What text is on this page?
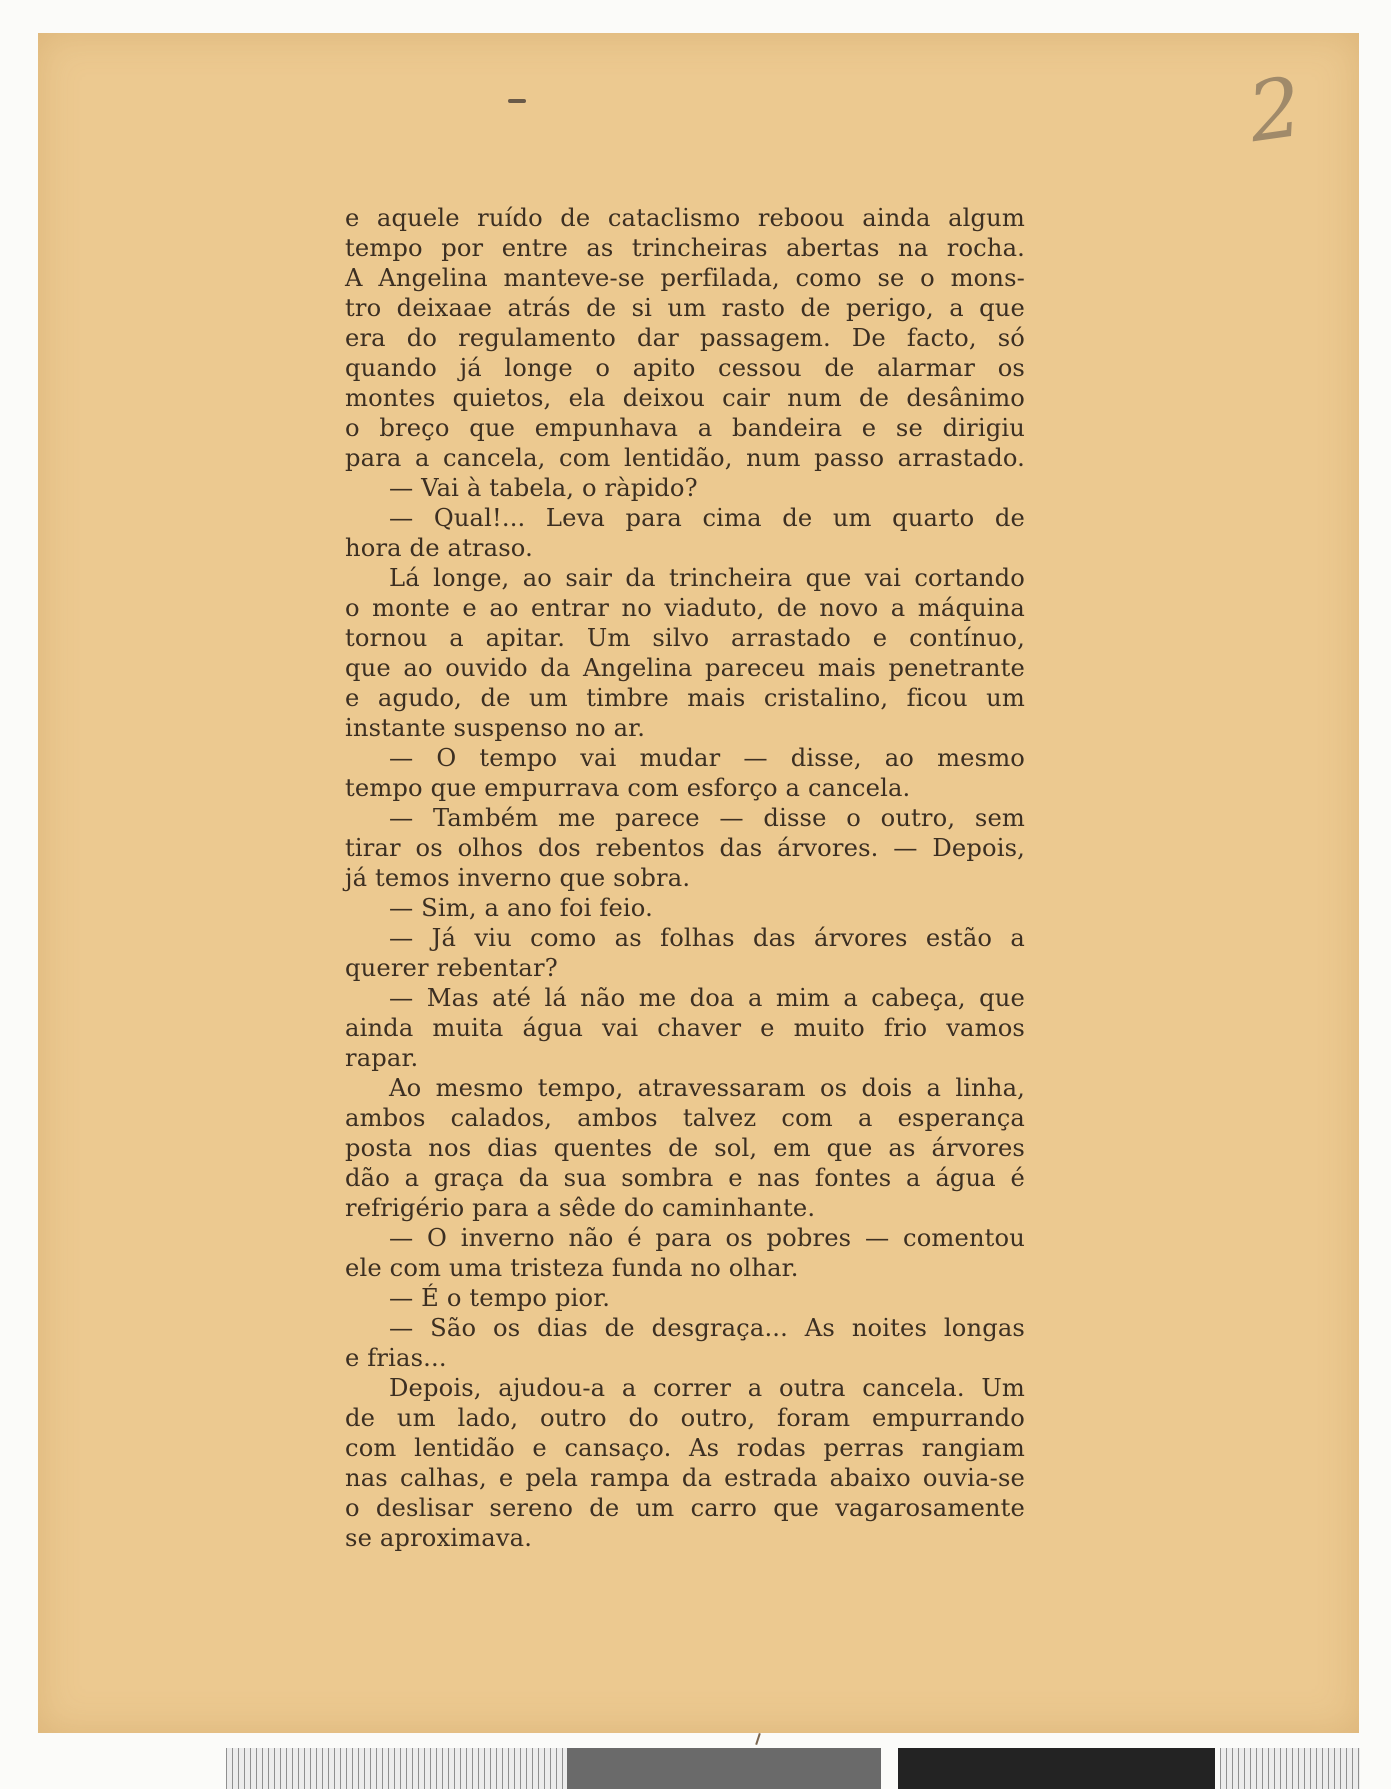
2
e aquele ruído de cataclismo reboou ainda algum
tempo por entre as trincheiras abertas na rocha.
A Angelina manteve-se perfilada, como se o mons-
tro deixaae atrás de si um rasto de perigo, a que
era do regulamento dar passagem. De facto, só
quando já longe o apito cessou de alarmar os
montes quietos, ela deixou cair num de desânimo
o breço que empunhava a bandeira e se dirigiu
para a cancela, com lentidão, num passo arrastado.
— Vai à tabela, o ràpido?
— Qual!... Leva para cima de um quarto de
hora de atraso.
Lá longe, ao sair da trincheira que vai cortando
o monte e ao entrar no viaduto, de novo a máquina
tornou a apitar. Um silvo arrastado e contínuo,
que ao ouvido da Angelina pareceu mais penetrante
e agudo, de um timbre mais cristalino, ficou um
instante suspenso no ar.
— O tempo vai mudar — disse, ao mesmo
tempo que empurrava com esforço a cancela.
— Também me parece — disse o outro, sem
tirar os olhos dos rebentos das árvores. — Depois,
já temos inverno que sobra.
— Sim, a ano foi feio.
— Já viu como as folhas das árvores estão a
querer rebentar?
— Mas até lá não me doa a mim a cabeça, que
ainda muita água vai chaver e muito frio vamos
rapar.
Ao mesmo tempo, atravessaram os dois a linha,
ambos calados, ambos talvez com a esperança
posta nos dias quentes de sol, em que as árvores
dão a graça da sua sombra e nas fontes a água é
refrigério para a sêde do caminhante.
— O inverno não é para os pobres — comentou
ele com uma tristeza funda no olhar.
— É o tempo pior.
— São os dias de desgraça... As noites longas
e frias...
Depois, ajudou-a a correr a outra cancela. Um
de um lado, outro do outro, foram empurrando
com lentidão e cansaço. As rodas perras rangiam
nas calhas, e pela rampa da estrada abaixo ouvia-se
o deslisar sereno de um carro que vagarosamente
se aproximava.
